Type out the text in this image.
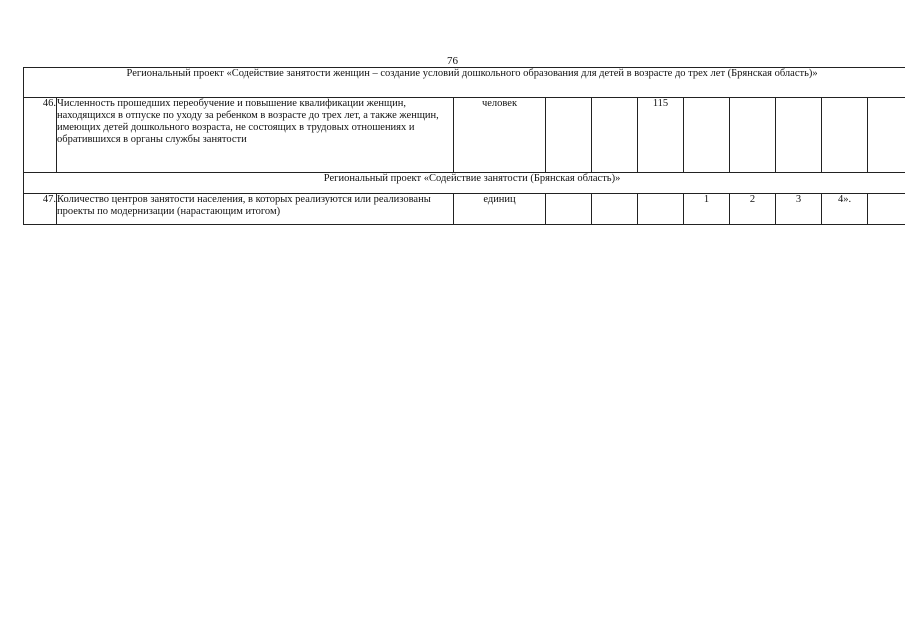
76
Региональный проект «Содействие занятости женщин – создание условий дошкольного образования для детей в возрасте до трех лет (Брянская область)»										
46.	Численность прошедших переобучение и повышение квалификации женщин, находящихся в отпуске по уходу за ребенком в возрасте до трех лет, а также женщин, имеющих детей дошкольного возраста, не состоящих в трудовых отношениях и обратившихся в органы службы занятости	человек			115					
Региональный проект «Содействие занятости (Брянская область)»										
47.	Количество центров занятости населения, в которых реализуются или реализованы проекты по модернизации (нарастающим итогом)	единиц				1	2	3	4».	
